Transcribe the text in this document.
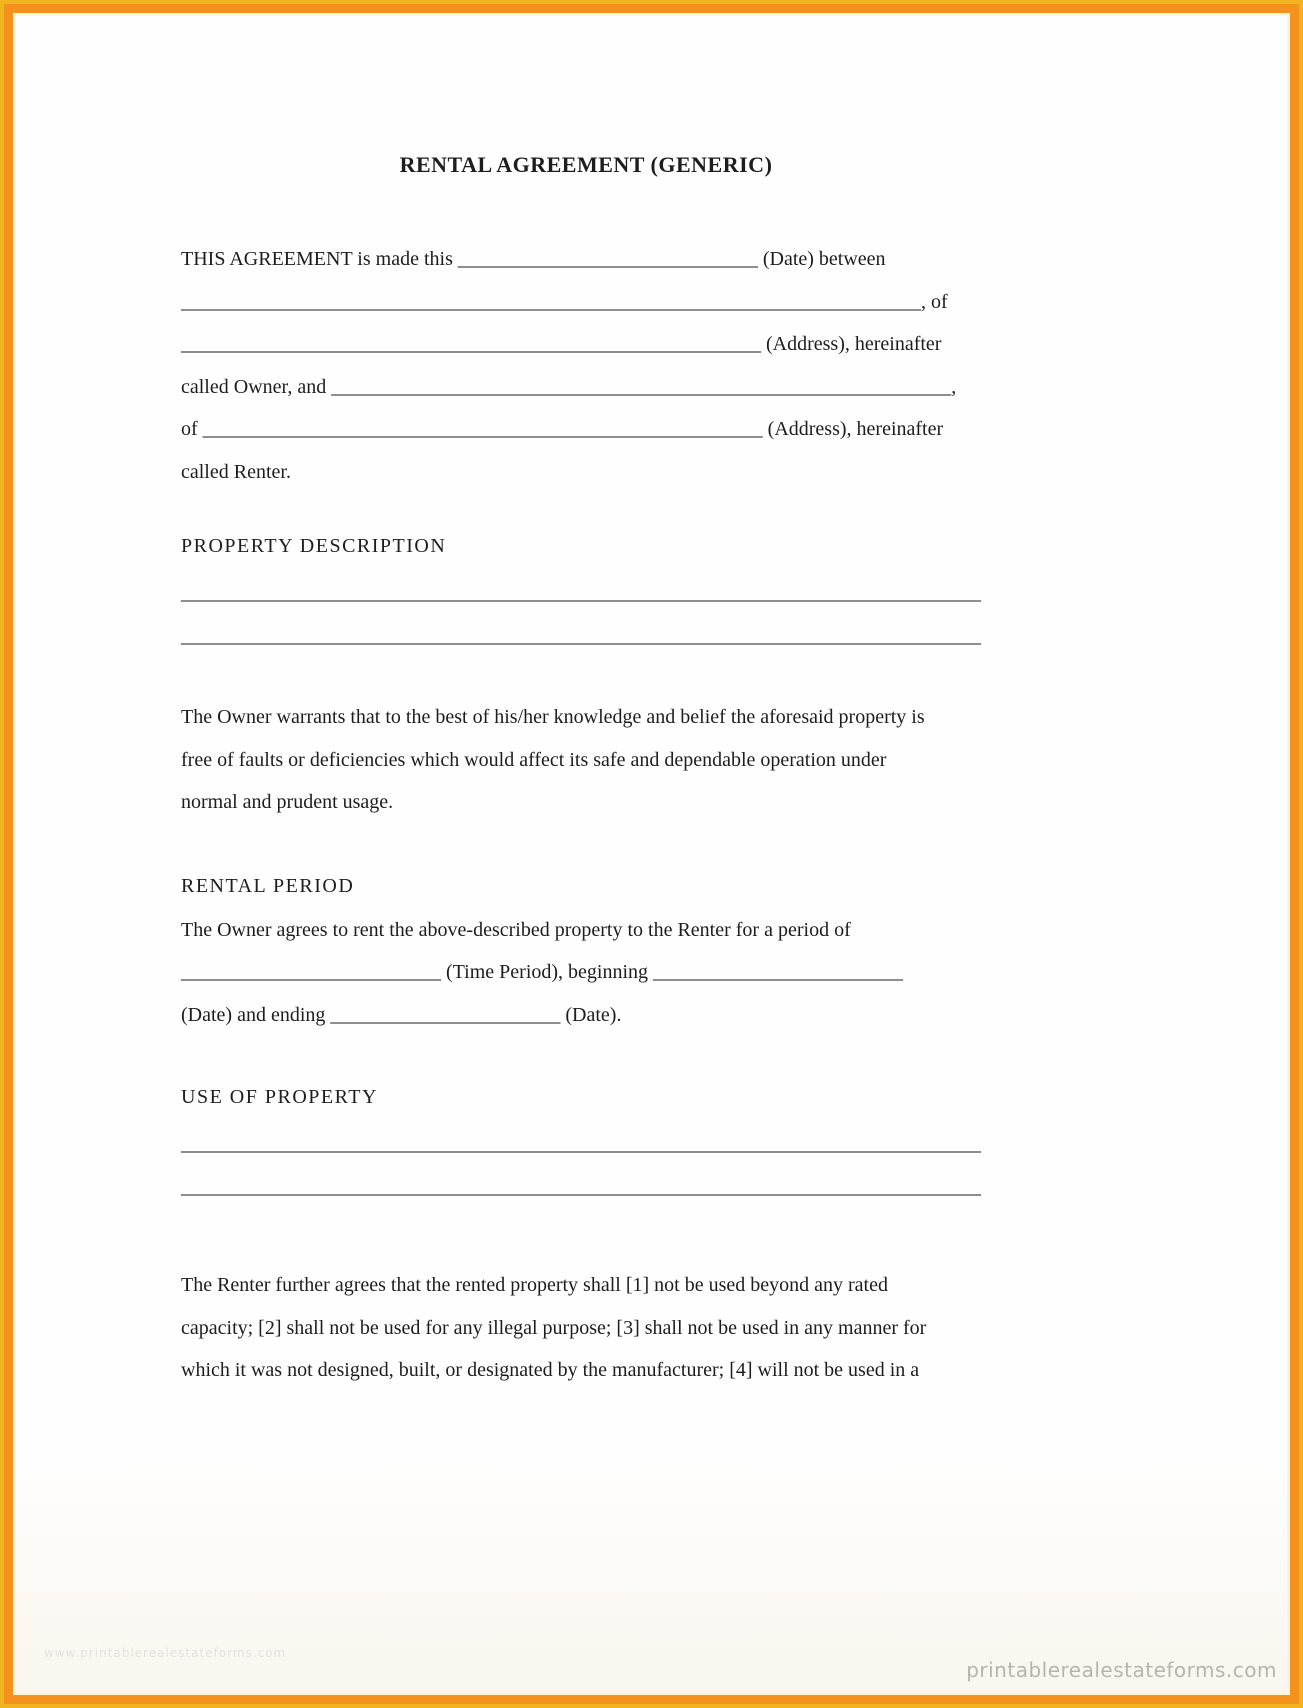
RENTAL AGREEMENT (GENERIC)
THIS AGREEMENT is made this ______________________________ (Date) between
__________________________________________________________________________, of
__________________________________________________________ (Address), hereinafter
called Owner, and ______________________________________________________________,
of ________________________________________________________ (Address), hereinafter
called Renter.
PROPERTY DESCRIPTION
________________________________________________________________________________
________________________________________________________________________________
The Owner warrants that to the best of his/her knowledge and belief the aforesaid property is
free of faults or deficiencies which would affect its safe and dependable operation under
normal and prudent usage.
RENTAL PERIOD
The Owner agrees to rent the above-described property to the Renter for a period of
__________________________ (Time Period), beginning _________________________
(Date) and ending _______________________ (Date).
USE OF PROPERTY
________________________________________________________________________________
________________________________________________________________________________
The Renter further agrees that the rented property shall [1] not be used beyond any rated
capacity; [2] shall not be used for any illegal purpose; [3] shall not be used in any manner for
which it was not designed, built, or designated by the manufacturer; [4] will not be used in a
www.printablerealestateforms.com
printablerealestateforms.com
